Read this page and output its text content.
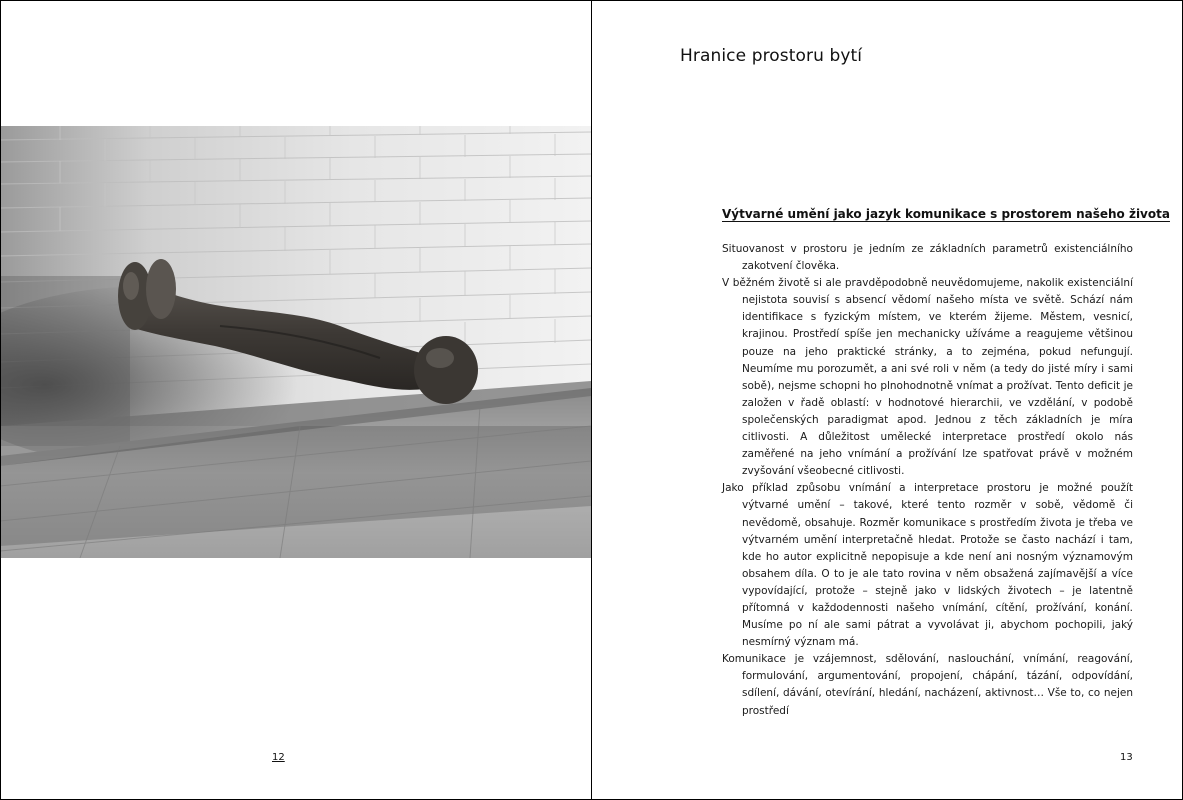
12
Hranice prostoru bytí
Výtvarné umění jako jazyk komunikace s prostorem našeho života

Situovanost v prostoru je jedním ze základních parametrů existenciálního zakotvení člověka.

V běžném životě si ale pravděpodobně neuvědomujeme, nakolik existenciální nejistota souvisí s absencí vědomí našeho místa ve světě. Schází nám identifikace s fyzickým místem, ve kterém žijeme. Městem, vesnicí, krajinou. Prostředí spíše jen mechanicky užíváme a reagujeme většinou pouze na jeho praktické stránky, a to zejména, pokud nefungují. Neumíme mu porozumět, a ani své roli v něm (a tedy do jisté míry i sami sobě), nejsme schopni ho plnohodnotně vnímat a prožívat. Tento deficit je založen v řadě oblastí: v hodnotové hierarchii, ve vzdělání, v podobě společenských paradigmat apod. Jednou z těch základních je míra citlivosti. A důležitost umělecké interpretace prostředí okolo nás zaměřené na jeho vnímání a prožívání lze spatřovat právě v možném zvyšování všeobecné citlivosti.

Jako příklad způsobu vnímání a interpretace prostoru je možné použít výtvarné umění – takové, které tento rozměr v sobě, vědomě či nevědomě, obsahuje. Rozměr komunikace s prostředím života je třeba ve výtvarném umění interpretačně hledat. Protože se často nachází i tam, kde ho autor explicitně nepopisuje a kde není ani nosným významovým obsahem díla. O to je ale tato rovina v něm obsažená zajímavější a více vypovídající, protože – stejně jako v lidských životech – je latentně přítomná v každodennosti našeho vnímání, cítění, prožívání, konání. Musíme po ní ale sami pátrat a vyvolávat ji, abychom pochopili, jaký nesmírný význam má.

Komunikace je vzájemnost, sdělování, naslouchání, vnímání, reagování, formulování, argumentování, propojení, chápání, tázání, odpovídání, sdílení, dávání, otevírání, hledání, nacházení, aktivnost… Vše to, co nejen prostředí

13
